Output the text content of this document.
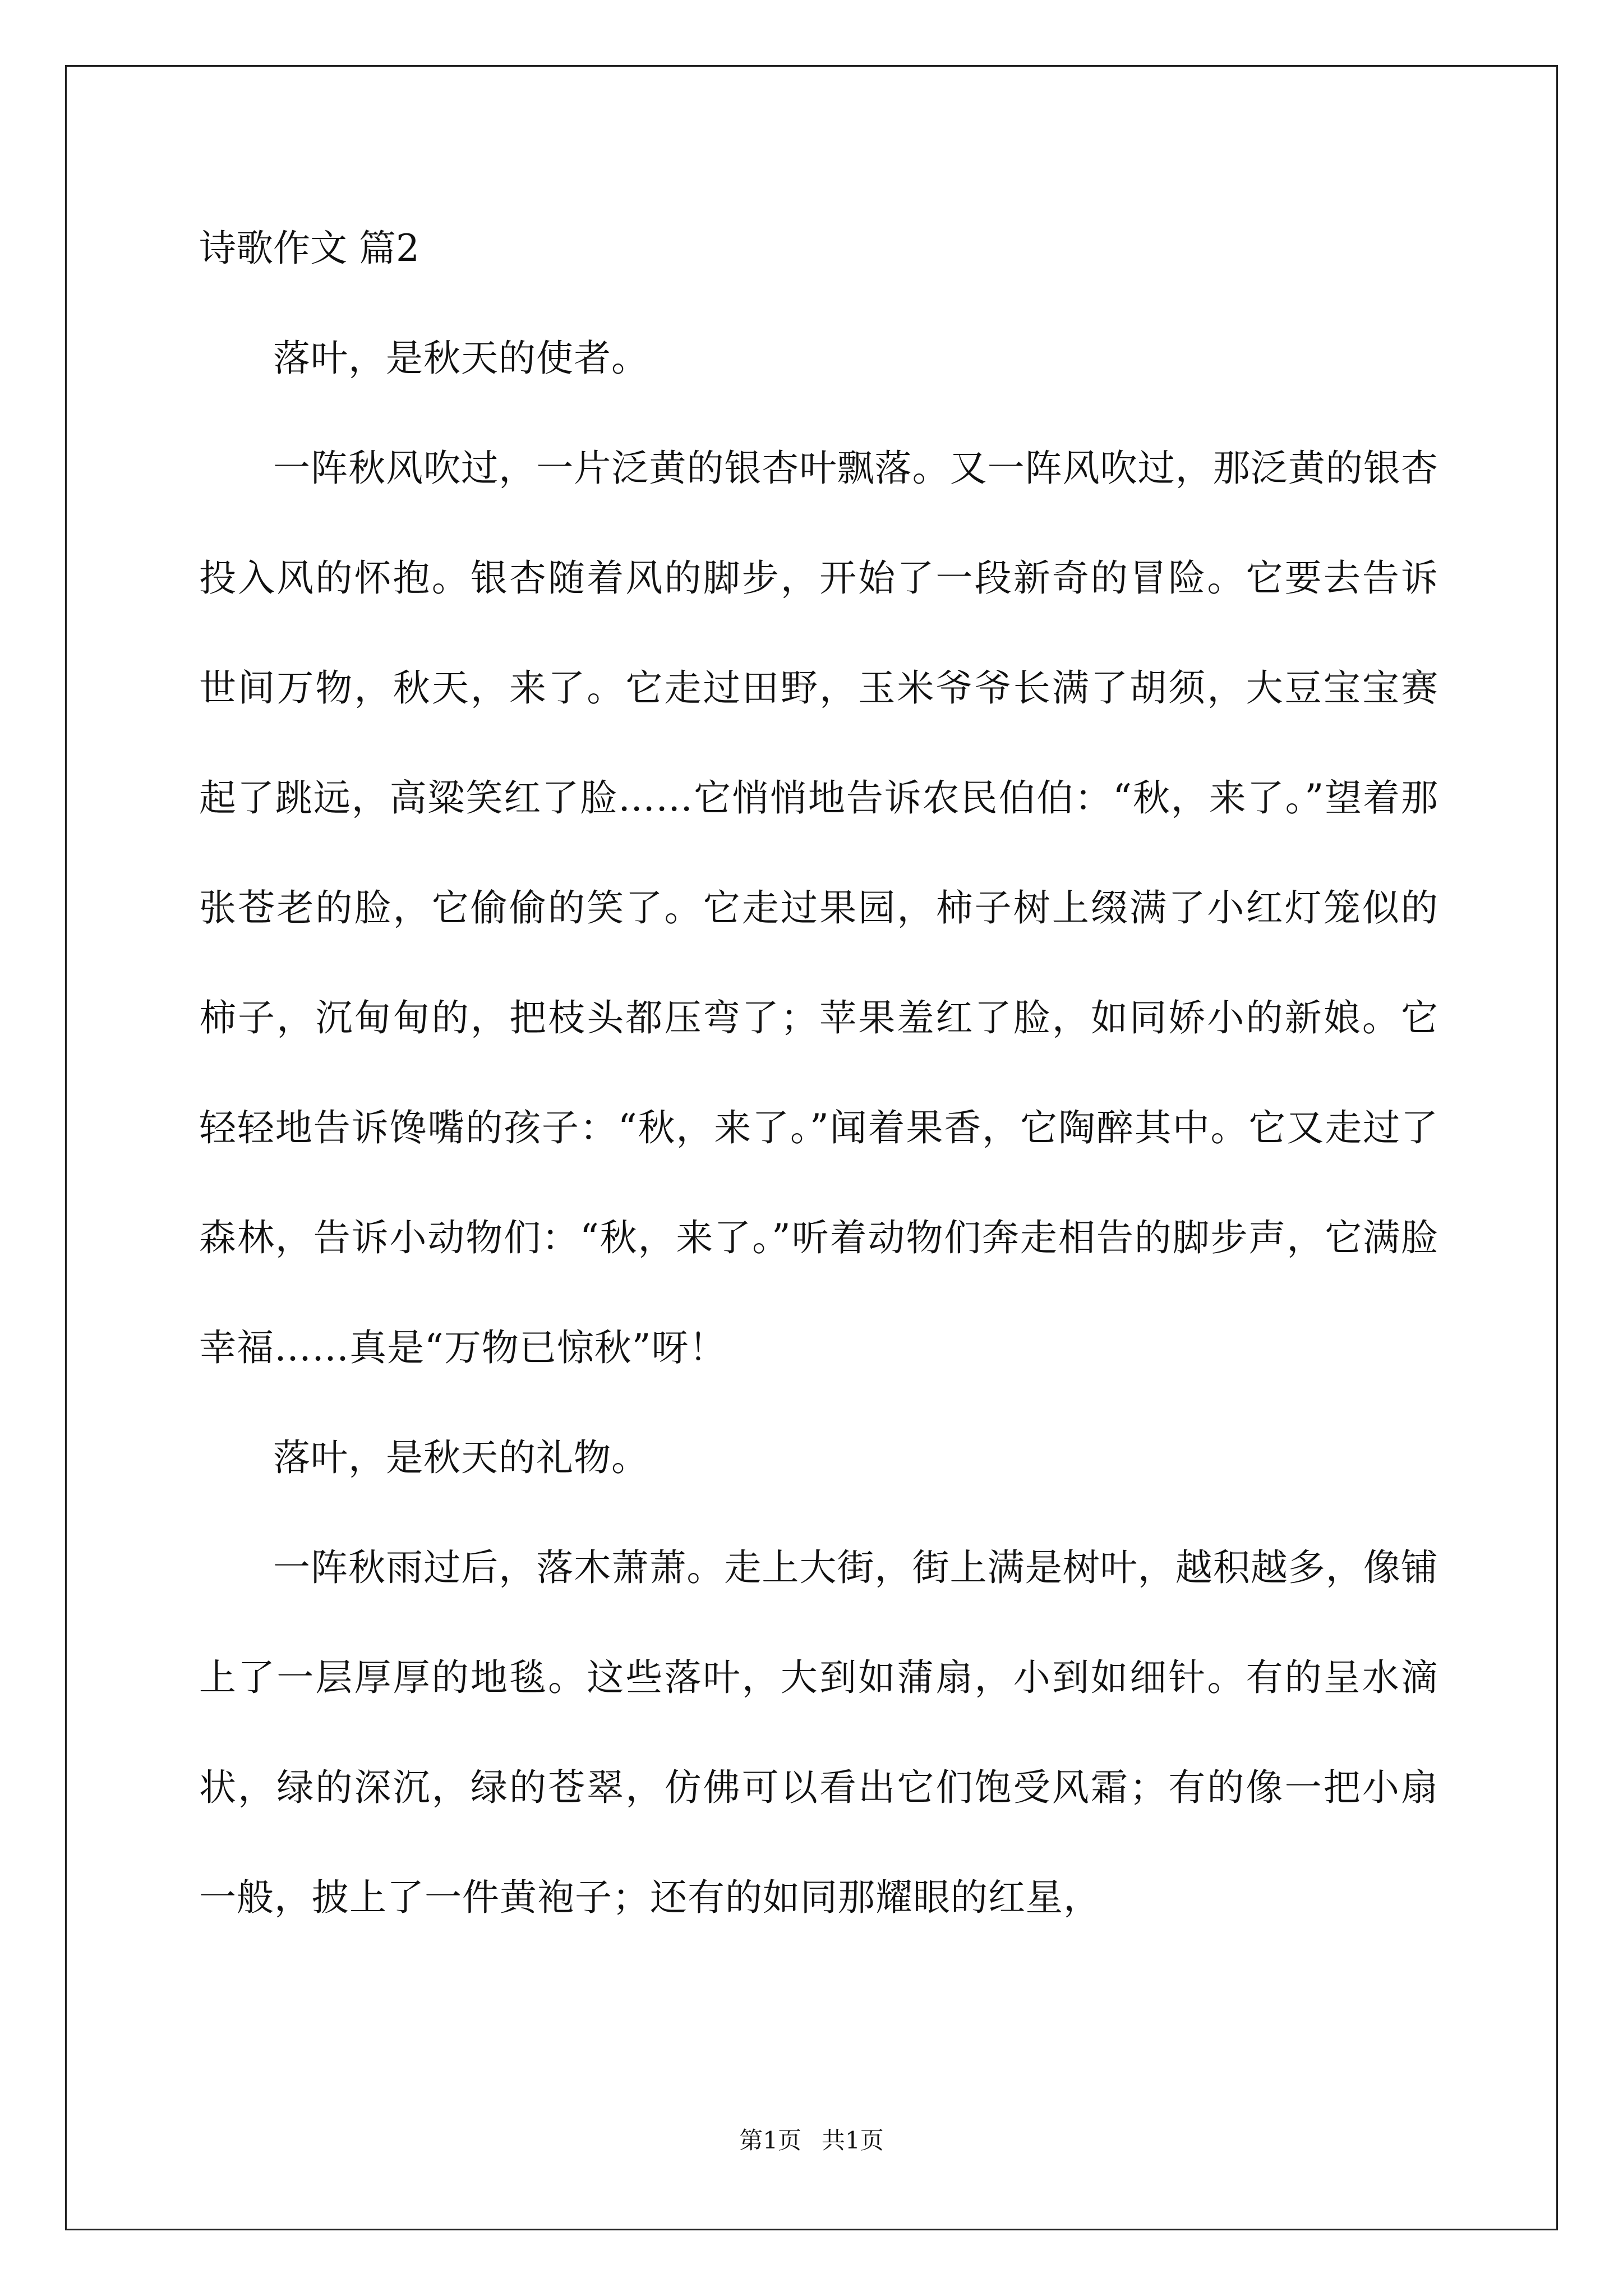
诗歌作文 篇2

落叶，是秋天的使者。

一阵秋风吹过，一片泛黄的银杏叶飘落。又一阵风吹过，那泛黄的银杏投入风的怀抱。银杏随着风的脚步，开始了一段新奇的冒险。它要去告诉世间万物，秋天，来了。它走过田野，玉米爷爷长满了胡须，大豆宝宝赛起了跳远，高粱笑红了脸……它悄悄地告诉农民伯伯：“秋，来了。”望着那张苍老的脸，它偷偷的笑了。它走过果园，柿子树上缀满了小红灯笼似的柿子，沉甸甸的，把枝头都压弯了；苹果羞红了脸，如同娇小的新娘。它轻轻地告诉馋嘴的孩子：“秋，来了。”闻着果香，它陶醉其中。它又走过了森林，告诉小动物们：“秋，来了。”听着动物们奔走相告的脚步声，它满脸幸福……真是“万物已惊秋”呀！

落叶，是秋天的礼物。

一阵秋雨过后，落木萧萧。走上大街，街上满是树叶，越积越多，像铺上了一层厚厚的地毯。这些落叶，大到如蒲扇，小到如细针。有的呈水滴状，绿的深沉，绿的苍翠，仿佛可以看出它们饱受风霜；有的像一把小扇一般，披上了一件黄袍子；还有的如同那耀眼的红星，

第1页 共1页
